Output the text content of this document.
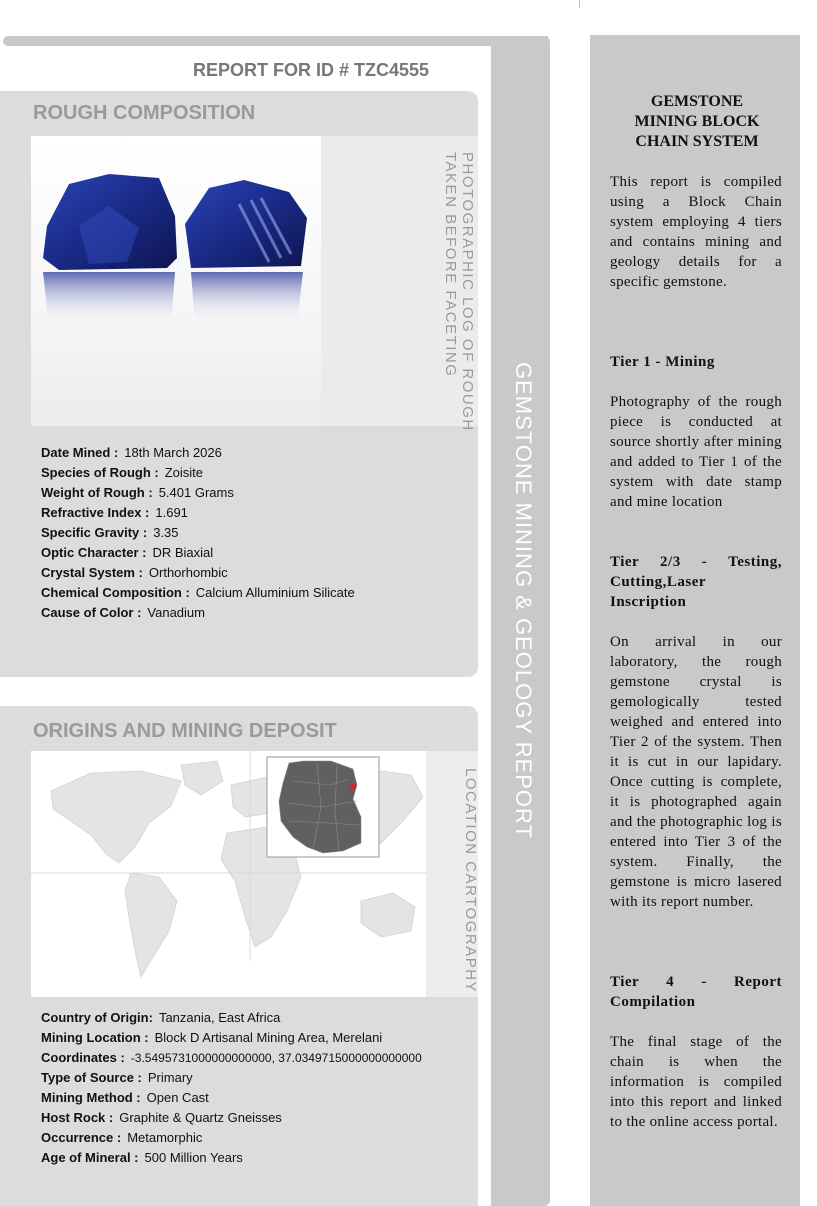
GEMSTONE MINING & GEOLOGY REPORT
REPORT FOR ID # TZC4555
ROUGH COMPOSITION
PHOTOGRAPHIC LOG OF ROUGH
TAKEN BEFORE FACETING
Date Mined : 18th March 2026
Species of Rough : Zoisite
Weight of Rough : 5.401 Grams
Refractive Index : 1.691
Specific Gravity : 3.35
Optic Character : DR Biaxial
Crystal System : Orthorhombic
Chemical Composition : Calcium Alluminium Silicate
Cause of Color : Vanadium
ORIGINS AND MINING DEPOSIT
LOCATION CARTOGRAPHY
Country of Origin: Tanzania, East Africa
Mining Location : Block D Artisanal Mining Area, Merelani
Coordinates : -3.5495731000000000000, 37.0349715000000000000
Type of Source : Primary
Mining Method : Open Cast
Host Rock : Graphite & Quartz Gneisses
Occurrence : Metamorphic
Age of Mineral : 500 Million Years
GEMSTONE
MINING BLOCK
CHAIN SYSTEM
This report is compiled using a Block Chain system employing 4 tiers and contains mining and geology details for a specific gemstone.
Tier 1 - Mining
Photography of the rough piece is conducted at source shortly after mining and added to Tier 1 of the system with date stamp and mine location
Tier 2/3 - Testing, Cutting,Laser Inscription
On arrival in our laboratory, the rough gemstone crystal is gemologically tested weighed and entered into Tier 2 of the system. Then it is cut in our lapidary. Once cutting is complete, it is photographed again and the photographic log is entered into Tier 3 of the system. Finally, the gemstone is micro lasered with its report number.
Tier 4 - Report Compilation
The final stage of the chain is when the information is compiled into this report and linked to the online access portal.
